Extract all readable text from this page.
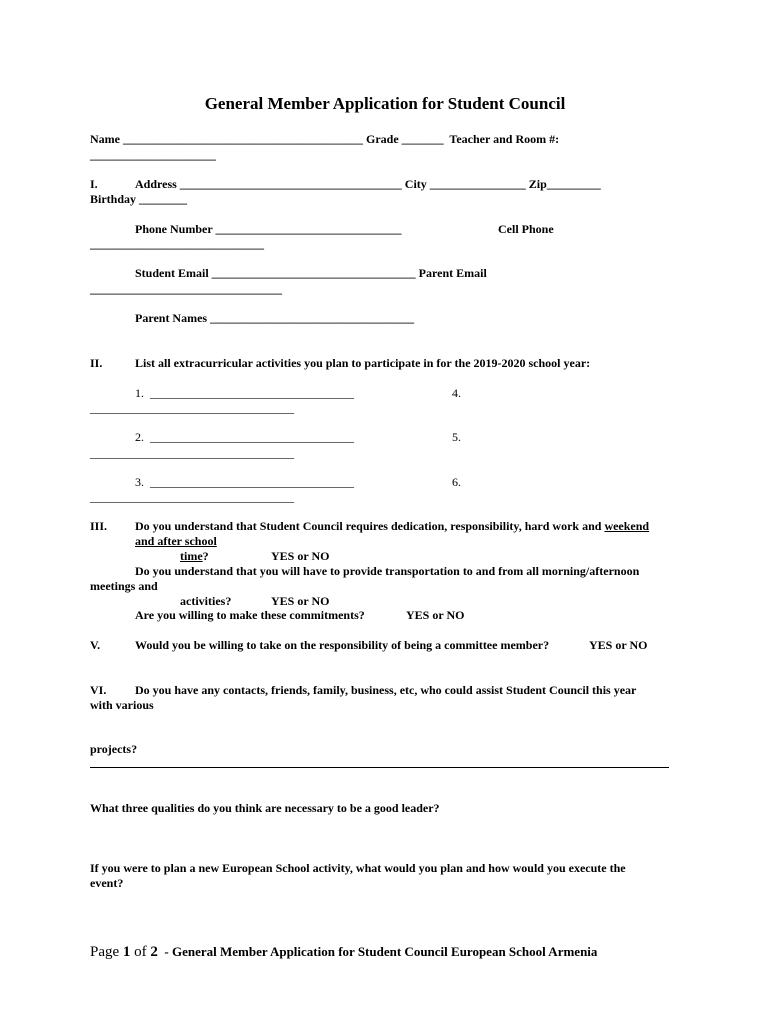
General Member Application for Student Council
Name ________________________________________ Grade _______  Teacher and Room #:
_____________________
I.	Address _____________________________________ City ________________ Zip_________
Birthday ________
Phone Number _______________________________	Cell Phone
_____________________________
Student Email __________________________________ Parent Email
________________________________
Parent Names __________________________________
II.	List all extracurricular activities you plan to participate in for the 2019-2020 school year:
1.  __________________________________	4.
__________________________________
2.  __________________________________	5.
__________________________________
3.  __________________________________	6.
__________________________________
III. Do you understand that Student Council requires dedication, responsibility, hard work and weekend
and after school
time?	YES or NO
Do you understand that you will have to provide transportation to and from all morning/afternoon
meetings and
activities?	YES or NO
Are you willing to make these commitments?	YES or NO
V.	Would you be willing to take on the responsibility of being a committee member?	YES or NO
VI. Do you have any contacts, friends, family, business, etc, who could assist Student Council this year
with various
projects?
What three qualities do you think are necessary to be a good leader?
If you were to plan a new European School activity, what would you plan and how would you execute the
event?
Page 1 of 2  - General Member Application for Student Council European School Armenia
